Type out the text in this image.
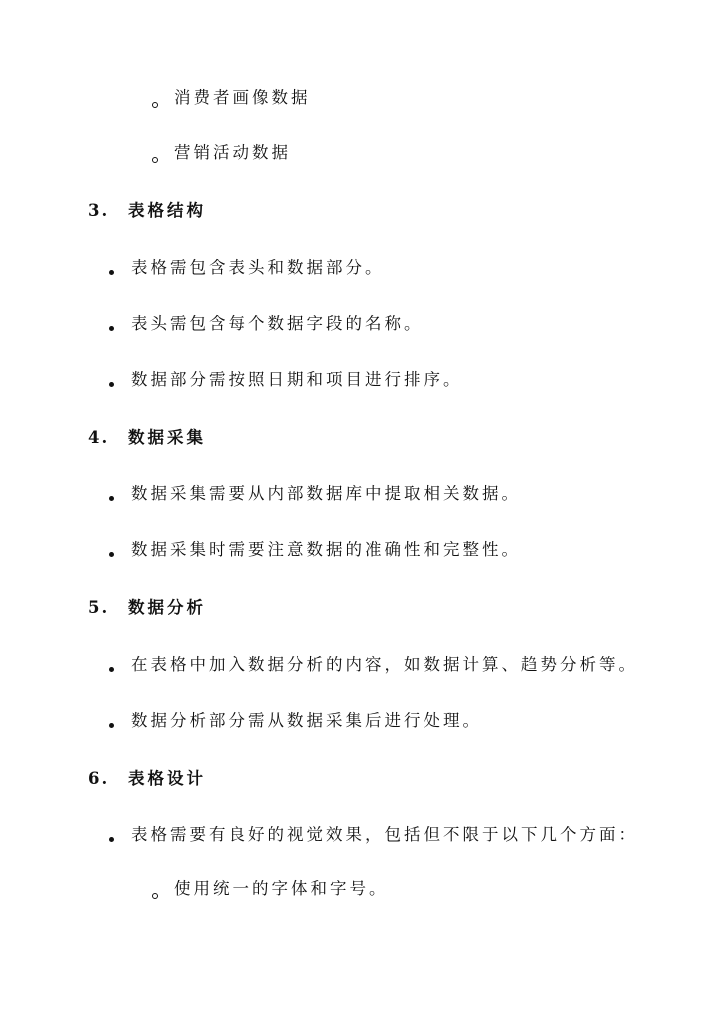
消费者画像数据
营销活动数据
3. 表格结构
表格需包含表头和数据部分。
表头需包含每个数据字段的名称。
数据部分需按照日期和项目进行排序。
4. 数据采集
数据采集需要从内部数据库中提取相关数据。
数据采集时需要注意数据的准确性和完整性。
5. 数据分析
在表格中加入数据分析的内容，如数据计算、趋势分析等。
数据分析部分需从数据采集后进行处理。
6. 表格设计
表格需要有良好的视觉效果，包括但不限于以下几个方面：
使用统一的字体和字号。
